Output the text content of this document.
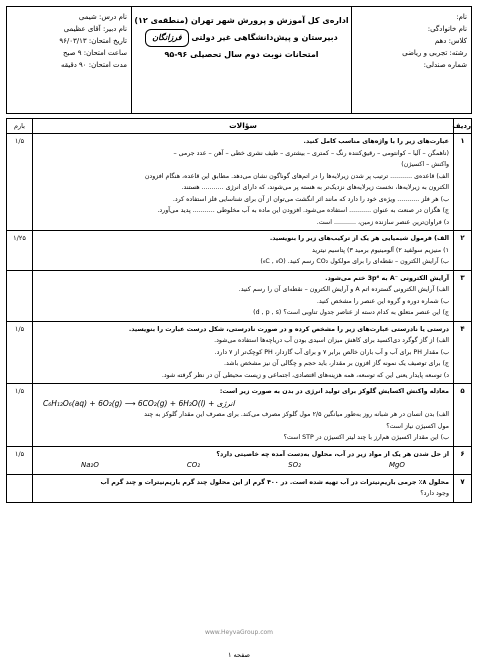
نام:
نام خانوادگی:
کلاس: دهم
رشته: تجربی و ریاضی
شماره صندلی:
اداره‌ی کل آموزش و پرورش شهر تهران (منطقه‌ی ۱۲)
دبیرستان و پیش‌دانشگاهی غیر دولتی فرزانگان
امتحانات نوبت دوم سال تحصیلی ۹۶-۹۵
نام درس: شیمی
نام دبیر: آقای عظیمی
تاریخ امتحان: ۹۶/۰۳/۱۳
ساعت امتحان: ۹ صبح
مدت امتحان: ۹۰ دقیقه
ردیف
سؤالات
بارم
۱
عبارت‌های زیر را با واژه‌های مناسب کامل کنید.
(ناهمگن – آلیا – کوانتومی – رقیق‌کننده رنگ – کمتری – بیشتری – طیف نشری خطی – آهن – عدد جرمی –
واکنش – اکسیژن)
الف) قاعده‌ی ........... ترتیب پر شدن زیرلایه‌ها را در اتم‌های گوناگون نشان می‌دهد. مطابق این قاعده، هنگام افزودن
الکترون به زیرلایه‌ها، نخست زیرلایه‌های نزدیک‌تر به هسته پر می‌شوند، که دارای انرژی ........... هستند.
ب) هر فلز ........... ویژه‌ی خود را دارد که مانند اثر انگشت می‌توان از آن برای شناسایی فلز استفاده کرد.
ج) هگزان در صنعت به عنوان ........... استفاده می‌شود. افزودن این ماده به آب مخلوطی ........... پدید می‌آورد.
د) فراوان‌ترین عنصر سازنده زمین، ........... است.
۱/۵
۲
الف) فرمول شیمیایی هر یک از ترکیب‌های زیر را بنویسید.
۱) منیزیم سولفید ۲) آلومینیوم برمید ۳) پتاسیم نیترید
ب) آرایش الکترون – نقطه‌ای را برای مولکول CO₂ رسم کنید. (₆C , ₈O)
۱/۲۵
۳
آرایش الکترونی ⁻A به 3p⁶ ختم می‌شود.
الف) آرایش الکترونی گسترده اتم A و آرایش الکترون – نقطه‌ای آن را رسم کنید.
ب) شماره دوره و گروه این عنصر را مشخص کنید.
ج) این عنصر متعلق به کدام دسته از عناصر جدول تناوبی است؟ (d , p , s)
۴
درستی یا نادرستی عبارت‌های زیر را مشخص کرده و در صورت نادرستی، شکل درست عبارت را بنویسید.
الف) از گاز گوگرد دی‌اکسید برای کاهش میزان اسیدی بودن آب دریاچه‌ها استفاده می‌شود.
ب) مقدار PH برای آب و آب باران خالص برابر ۷ و برای آب گازدار، PH کوچک‌تر از ۷ دارد.
ج) برای توصیف یک نمونه گاز افزون بر مقدار، باید حجم و چگالی آن نیز مشخص باشد.
د) توسعه پایدار یعنی این که توسعه، همه هزینه‌های اقتصادی، اجتماعی و زیست محیطی آن در نظر گرفته شود.
۱/۵
۵
معادله واکنش اکسایش گلوکز برای تولید انرژی در بدن به صورت زیر است:
C₆H₁₂O₆(aq) + 6O₂(g) ⟶ 6CO₂(g) + 6H₂O(l) + انرژی
الف) بدن انسان در هر شبانه روز به‌طور میانگین ۲/۵ مول گلوکز مصرف می‌کند. برای مصرف این مقدار گلوکز به چند
مول اکسیژن نیاز است؟
ب) این مقدار اکسیژن هم‌ارز با چند لیتر اکسیژن در STP است؟
۱/۵
۶
از حل شدن هر یک از مواد زیر در آب، محلول به‌دست آمده چه خاصیتی دارد؟
Na₂O	CO₂	SO₂	MgO
۱/۵
۷
محلول ۸٪ جرمی باریم‌نیترات در آب تهیه شده است. در ۴۰۰ گرم از این محلول چند گرم باریم‌نیترات و چند گرم آب
وجود دارد؟
www.HeyvaGroup.com
صفحه ۱
